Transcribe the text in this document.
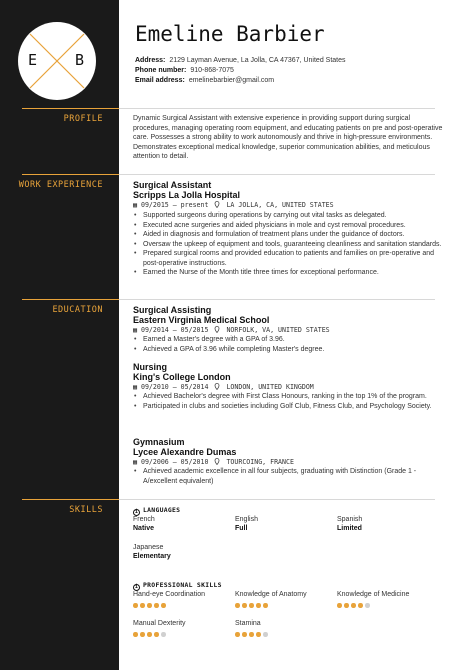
E	B
PROFILE
WORK EXPERIENCE
EDUCATION
SKILLS
Emeline Barbier
Address: 2129 Layman Avenue, La Jolla, CA 47367, United States
Phone number: 910-868-7075
Email address: emelinebarbier@gmail.com
Dynamic Surgical Assistant with extensive experience in providing support during surgical procedures, managing operating room equipment, and educating patients on pre and post-operative care. Possesses a strong ability to work autonomously and thrive in high-pressure environments. Demonstrates exceptional medical knowledge, superior communication abilities, and meticulous attention to detail.
Surgical Assistant
Scripps La Jolla Hospital
▦ 09/2015 – present	LA JOLLA, CA, UNITED STATES
• Supported surgeons during operations by carrying out vital tasks as delegated.
• Executed acne surgeries and aided physicians in mole and cyst removal procedures.
• Aided in diagnosis and formulation of treatment plans under the guidance of doctors.
• Oversaw the upkeep of equipment and tools, guaranteeing cleanliness and sanitation standards.
• Prepared surgical rooms and provided education to patients and families on pre-operative and post-operative instructions.
• Earned the Nurse of the Month title three times for exceptional performance.
Surgical Assisting
Eastern Virginia Medical School
▦ 09/2014 – 05/2015	NORFOLK, VA, UNITED STATES
• Earned a Master's degree with a GPA of 3.96.
• Achieved a GPA of 3.96 while completing Master's degree.
Nursing
King's College London
▦ 09/2010 – 05/2014	LONDON, UNITED KINGDOM
• Achieved Bachelor's degree with First Class Honours, ranking in the top 1% of the program.
• Participated in clubs and societies including Golf Club, Fitness Club, and Psychology Society.
Gymnasium
Lycee Alexandre Dumas
▦ 09/2006 – 05/2010	TOURCOING, FRANCE
• Achieved academic excellence in all four subjects, graduating with Distinction (Grade 1 - A/excellent equivalent)
i LANGUAGES
French
Native
English
Full
Spanish
Limited
Japanese
Elementary
i PROFESSIONAL SKILLS
Hand-eye Coordination	Knowledge of Anatomy	Knowledge of Medicine
Manual Dexterity	Stamina
